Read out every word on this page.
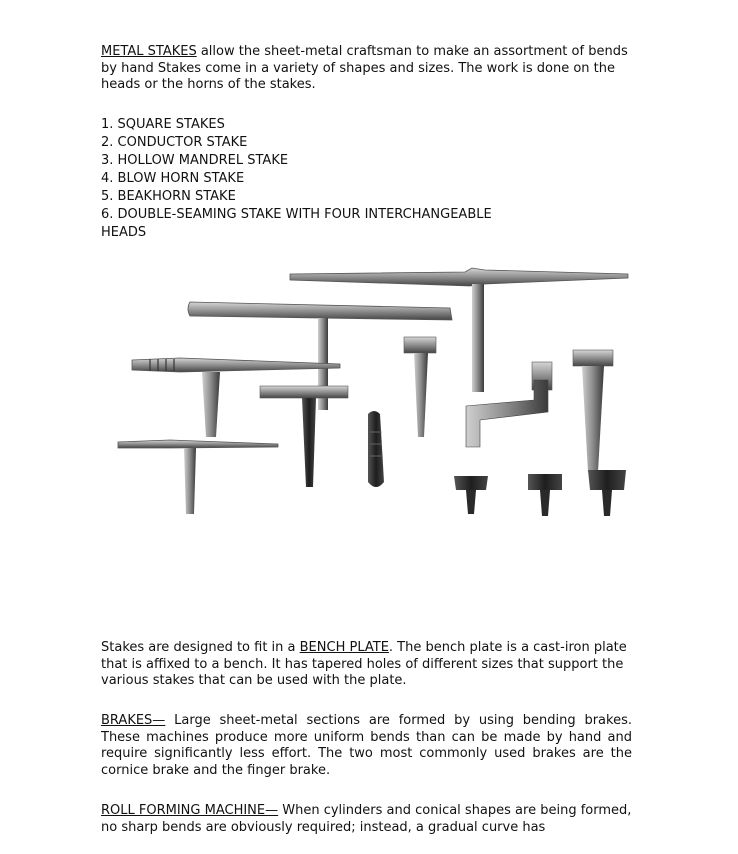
METAL STAKES allow the sheet-metal craftsman to make an assortment of bends by hand Stakes come in a variety of shapes and sizes. The work is done on the heads or the horns of the stakes.

1. SQUARE STAKES
2. CONDUCTOR STAKE
3. HOLLOW MANDREL STAKE
4. BLOW HORN STAKE
5. BEAKHORN STAKE
6. DOUBLE-SEAMING STAKE WITH FOUR INTERCHANGEABLE HEADS

Stakes are designed to fit in a BENCH PLATE. The bench plate is a cast-iron plate that is affixed to a bench. It has tapered holes of different sizes that support the various stakes that can be used with the plate.

BRAKES— Large sheet-metal sections are formed by using bending brakes. These machines produce more uniform bends than can be made by hand and require significantly less effort. The two most commonly used brakes are the cornice brake and the finger brake.

ROLL FORMING MACHINE— When cylinders and conical shapes are being formed, no sharp bends are obviously required; instead, a gradual curve has
